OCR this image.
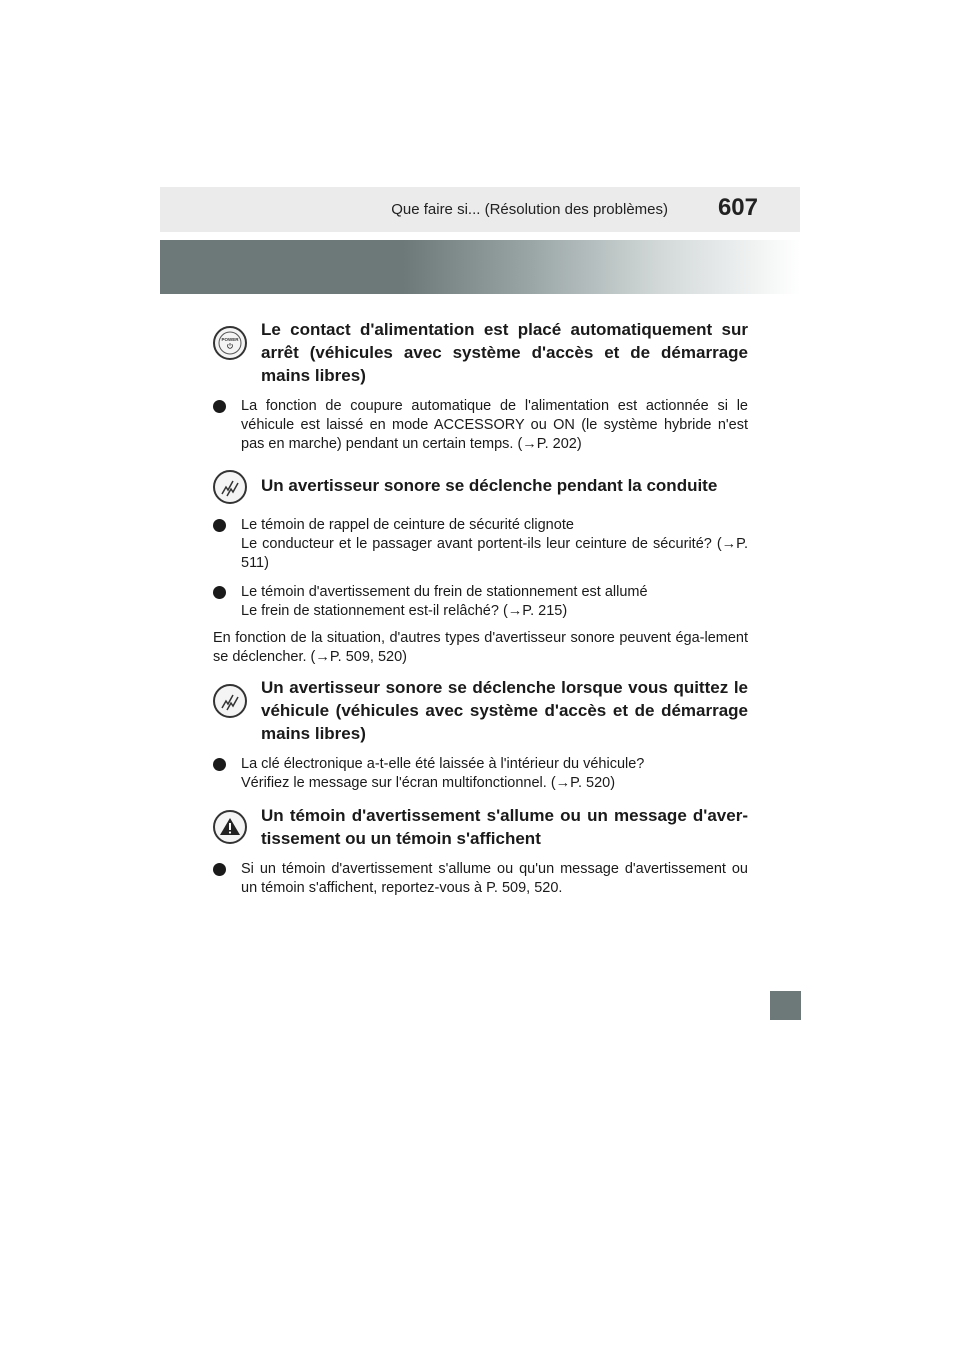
Que faire si... (Résolution des problèmes) 607
POWER
Le contact d'alimentation est placé automatiquement sur arrêt (véhicules avec système d'accès et de démarrage mains libres)
La fonction de coupure automatique de l'alimentation est actionnée si le véhicule est laissé en mode ACCESSORY ou ON (le système hybride n'est pas en marche) pendant un certain temps. (→P. 202)
Un avertisseur sonore se déclenche pendant la conduite
Le témoin de rappel de ceinture de sécurité clignote
Le conducteur et le passager avant portent-ils leur ceinture de sécurité? (→P. 511)
Le témoin d'avertissement du frein de stationnement est allumé
Le frein de stationnement est-il relâché? (→P. 215)
En fonction de la situation, d'autres types d'avertisseur sonore peuvent éga-lement se déclencher. (→P. 509, 520)
Un avertisseur sonore se déclenche lorsque vous quittez le véhicule (véhicules avec système d'accès et de démarrage mains libres)
La clé électronique a-t-elle été laissée à l'intérieur du véhicule?
Vérifiez le message sur l'écran multifonctionnel. (→P. 520)
Un témoin d'avertissement s'allume ou un message d'aver-tissement ou un témoin s'affichent
Si un témoin d'avertissement s'allume ou qu'un message d'avertissement ou un témoin s'affichent, reportez-vous à P. 509, 520.
